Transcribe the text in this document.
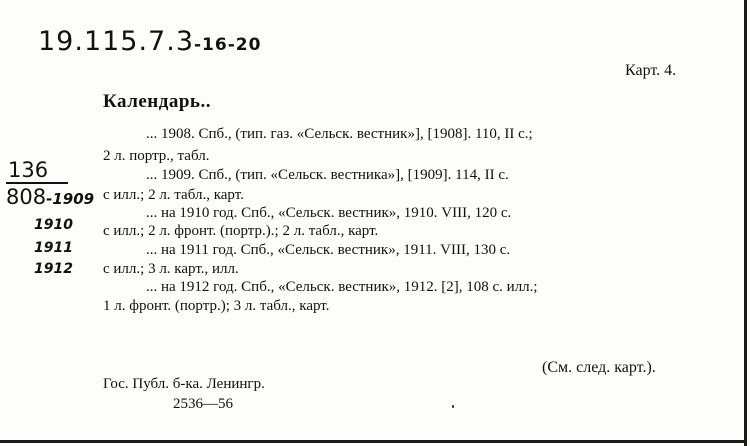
19.115.7.3-16-20
136
808-1909
1910
1911
1912
Карт. 4.
Календарь..
... 1908. Спб., (тип. газ. «Сельск. вестник»], [1908]. 110, II с.;
2 л. портр., табл.
... 1909. Спб., (тип. «Сельск. вестника»], [1909]. 114, II с.
с илл.; 2 л. табл., карт.
... на 1910 год. Спб., «Сельск. вестник», 1910. VIII, 120 с.
с илл.; 2 л. фронт. (портр.).; 2 л. табл., карт.
... на 1911 год. Спб., «Сельск. вестник», 1911. VIII, 130 с.
с илл.; 3 л. карт., илл.
... на 1912 год. Спб., «Сельск. вестник», 1912. [2], 108 с. илл.;
1 л. фронт. (портр.); 3 л. табл., карт.
(См. след. карт.).
Гос. Публ. б-ка. Ленингр.
2536—56
